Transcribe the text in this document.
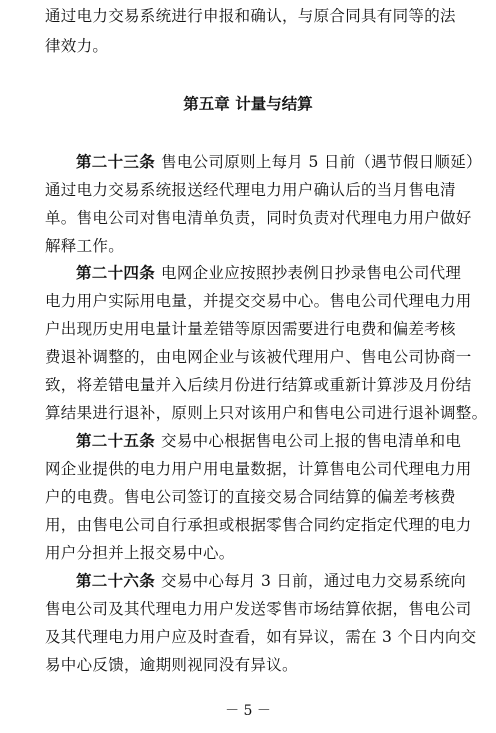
通过电力交易系统进行申报和确认，与原合同具有同等的法
律效力。
第五章 计量与结算
第二十三条 售电公司原则上每月 5 日前（遇节假日顺延）
通过电力交易系统报送经代理电力用户确认后的当月售电清
单。售电公司对售电清单负责，同时负责对代理电力用户做好
解释工作。
第二十四条 电网企业应按照抄表例日抄录售电公司代理
电力用户实际用电量，并提交交易中心。售电公司代理电力用
户出现历史用电量计量差错等原因需要进行电费和偏差考核
费退补调整的，由电网企业与该被代理用户、售电公司协商一
致，将差错电量并入后续月份进行结算或重新计算涉及月份结
算结果进行退补，原则上只对该用户和售电公司进行退补调整。
第二十五条 交易中心根据售电公司上报的售电清单和电
网企业提供的电力用户用电量数据，计算售电公司代理电力用
户的电费。售电公司签订的直接交易合同结算的偏差考核费
用，由售电公司自行承担或根据零售合同约定指定代理的电力
用户分担并上报交易中心。
第二十六条 交易中心每月 3 日前，通过电力交易系统向
售电公司及其代理电力用户发送零售市场结算依据，售电公司
及其代理电力用户应及时查看，如有异议，需在 3 个日内向交
易中心反馈，逾期则视同没有异议。
－ 5 －
